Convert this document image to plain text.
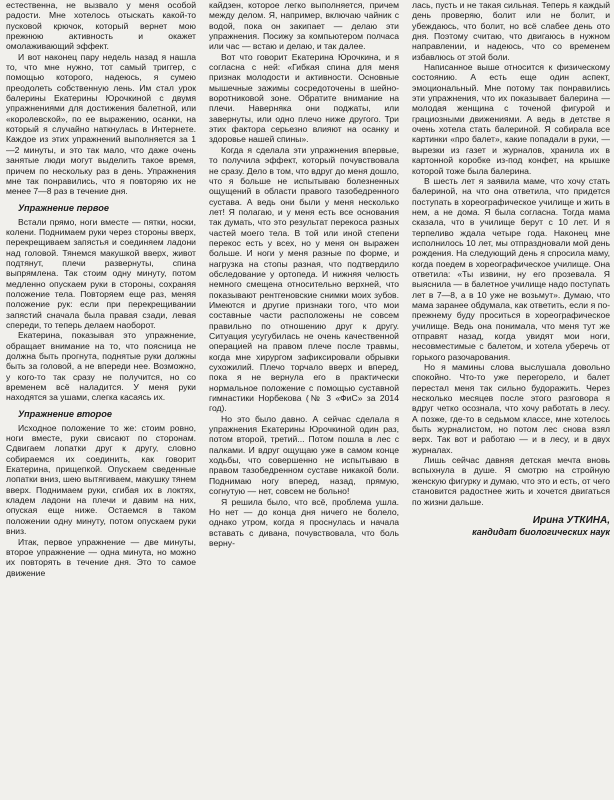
естественна, не вызвало у меня особой радости. Мне хотелось отыскать какой-то пусковой крючок, который вернет мою прежнюю активность и окажет омолаживающий эффект.

И вот наконец пару недель назад я нашла то, что мне нужно, тот самый триггер, с помощью которого, надеюсь, я сумею преодолеть собственную лень. Им стал урок балерины Екатерины Юрочкиной с двумя упражнениями для достижения балетной, или «королевской», по ее выражению, осанки, на который я случайно наткнулась в Интернете. Каждое из этих упражнений выполняется за 1—2 минуты, и это так мало, что даже очень занятые люди могут выделить такое время, причем по нескольку раз в день. Упражнения мне так понравились, что я повторяю их не менее 7—8 раз в течение дня.

Упражнение первое

Встали прямо, ноги вместе — пятки, носки, колени. Поднимаем руки через стороны вверх, перекрещиваем запястья и соединяем ладони над головой. Тянемся макушкой вверх, живот подтянут, плечи развернуты, спина выпрямлена. Так стоим одну минуту, потом медленно опускаем руки в стороны, сохраняя положение тела. Повторяем еще раз, меняя положение рук: если при перекрещивании запястий сначала была правая сзади, левая спереди, то теперь делаем наоборот.

Екатерина, показывая это упражнение, обращает внимание на то, что поясница не должна быть прогнута, поднятые руки должны быть за головой, а не впереди нее. Возможно, у кого-то так сразу не получится, но со временем всё наладится. У меня руки находятся за ушами, слегка касаясь их.

Упражнение второе

Исходное положение то же: стоим ровно, ноги вместе, руки свисают по сторонам. Сдвигаем лопатки друг к другу, словно собираемся их соединить, как говорит Екатерина, прищепкой. Опускаем сведенные лопатки вниз, шею вытягиваем, макушку тянем вверх. Поднимаем руки, сгибая их в локтях, кладем ладони на плечи и давим на них, опуская еще ниже. Остаемся в таком положении одну минуту, потом опускаем руки вниз.

Итак, первое упражнение — две минуты, второе упражнение — одна минута, но можно их повторять в течение дня. Это то самое движение

кайдзен, которое легко выполняется, причем между делом. Я, например, включаю чайник с водой, пока он закипает — делаю эти упражнения. Посижу за компьютером полчаса или час — встаю и делаю, и так далее.

Вот что говорит Екатерина Юрочкина, и я согласна с ней: «Гибкая спина для меня признак молодости и активности. Основные мышечные зажимы сосредоточены в шейно-воротниковой зоне. Обратите внимание на плечи. Наверняка они поджаты, или завернуты, или одно плечо ниже другого. Три этих фактора серьезно влияют на осанку и здоровье нашей спины».

Когда я сделала эти упражнения впервые, то получила эффект, который почувствовала не сразу. Дело в том, что вдруг до меня дошло, что я больше не испытываю болезненных ощущений в области правого тазобедренного сустава. А ведь они были у меня несколько лет! Я полагаю, и у меня есть все основания так думать, что это результат перекоса разных частей моего тела. В той или иной степени перекос есть у всех, но у меня он выражен больше. И ноги у меня разные по форме, и нагрузка на стопы разная, что подтвердило обследование у ортопеда. И нижняя челюсть немного смещена относительно верхней, что показывают рентгеновские снимки моих зубов. Имеются и другие признаки того, что мои составные части расположены не совсем правильно по отношению друг к другу. Ситуация усугубилась не очень качественной операцией на правом плече после травмы, когда мне хирургом зафиксировали обрывки сухожилий. Плечо торчало вверх и вперед, пока я не вернула его в практически нормальное положение с помощью суставной гимнастики Норбекова (№ 3 «ФиС» за 2014 год).

Но это было давно. А сейчас сделала я упражнения Екатерины Юрочкиной один раз, потом второй, третий... Потом пошла в лес с палками. И вдруг ощущаю уже в самом конце ходьбы, что совершенно не испытываю в правом тазобедренном суставе никакой боли. Поднимаю ногу вперед, назад, прямую, согнутую — нет, совсем не больно!

Я решила было, что всё, проблема ушла. Но нет — до конца дня ничего не болело, однако утром, когда я проснулась и начала вставать с дивана, почувствовала, что боль верну-

лась, пусть и не такая сильная. Теперь я каждый день проверяю, болит или не болит, и убеждаюсь, что болит, но всё слабее день ото дня. Поэтому считаю, что двигаюсь в нужном направлении, и надеюсь, что со временем избавлюсь от этой боли.

Написанное выше относится к физическому состоянию. А есть еще один аспект, эмоциональный. Мне потому так понравились эти упражнения, что их показывает балерина — молодая женщина с точеной фигурой и грациозными движениями. А ведь в детстве я очень хотела стать балериной. Я собирала все картинки «про балет», какие попадали в руки, — вырезки из газет и журналов, хранила их в картонной коробке из-под конфет, на крышке которой тоже была балерина.

В шесть лет я заявила маме, что хочу стать балериной, на что она ответила, что придется поступать в хореографическое училище и жить в нем, а не дома. Я была согласна. Тогда мама сказала, что в училище берут с 10 лет. И я терпеливо ждала четыре года. Наконец мне исполнилось 10 лет, мы отпраздновали мой день рождения. На следующий день я спросила маму, когда поедем в хореографическое училище. Она ответила: «Ты извини, ну его прозевала. Я выяснила — в балетное училище надо поступать лет в 7—8, а в 10 уже не возьмут». Думаю, что мама заранее обдумала, как ответить, если я по-прежнему буду проситься в хореографическое училище. Ведь она понимала, что меня тут же отправят назад, когда увидят мои ноги, несовместимые с балетом, и хотела уберечь от горького разочарования.

Но я мамины слова выслушала довольно спокойно. Что-то уже перегорело, и балет перестал меня так сильно будоражить. Через несколько месяцев после этого разговора я вдруг четко осознала, что хочу работать в лесу. А позже, где-то в седьмом классе, мне хотелось быть журналистом, но потом лес снова взял верх. Так вот и работаю — и в лесу, и в двух журналах.

Лишь сейчас давняя детская мечта вновь вспыхнула в душе. Я смотрю на стройную женскую фигурку и думаю, что это и есть, от чего становится радостнее жить и хочется двигаться по жизни дальше.

Ирина УТКИНА,
кандидат биологических наук
